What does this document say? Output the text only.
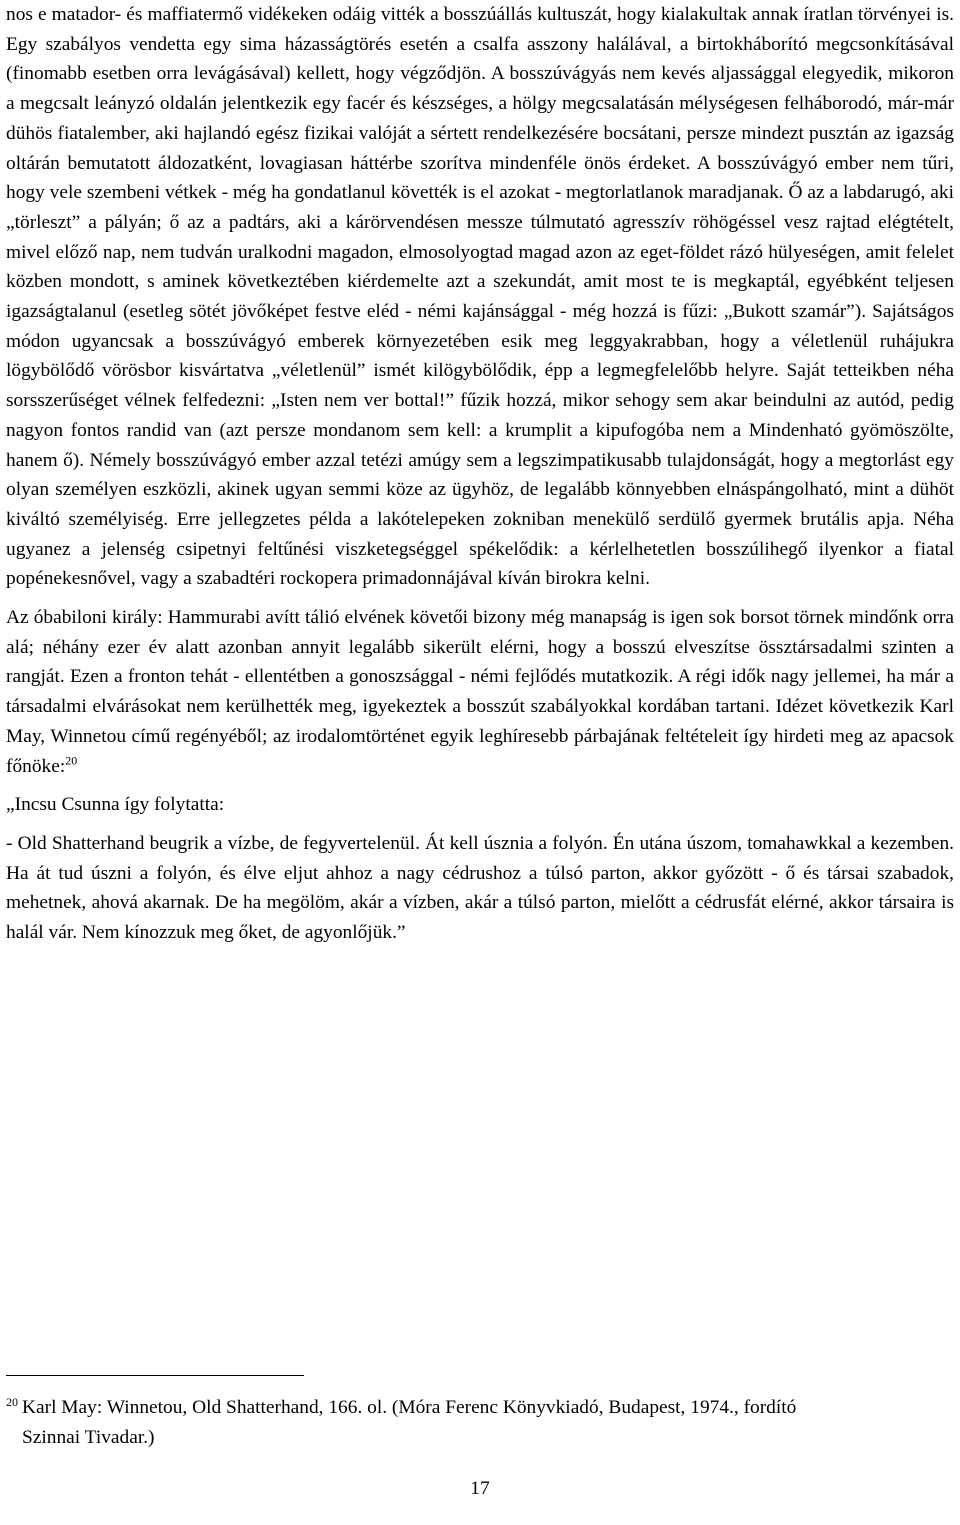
nos e matador- és maffiatermő vidékeken odáig vitték a bosszúállás kultuszát, hogy kialakultak annak íratlan törvényei is. Egy szabályos vendetta egy sima házasságtörés esetén a csalfa asszony halálával, a birtokháborító megcsonkításával (finomabb esetben orra levágásával) kellett, hogy végződjön. A bosszúvágyás nem kevés aljassággal elegyedik, mikoron a megcsalt leányzó oldalán jelentkezik egy facér és készséges, a hölgy megcsalatásán mélységesen felháborodó, már-már dühös fiatalember, aki hajlandó egész fizikai valóját a sértett rendelkezésére bocsátani, persze mindezt pusztán az igazság oltárán bemutatott áldozatként, lovagiasan háttérbe szorítva mindenféle önös érdeket. A bosszúvágyó ember nem tűri, hogy vele szembeni vétkek - még ha gondatlanul követték is el azokat - megtorlatlanok maradjanak. Ő az a labdarugó, aki „törleszt” a pályán; ő az a padtárs, aki a kárörvendésen messze túlmutató agresszív röhögéssel vesz rajtad elégtételt, mivel előző nap, nem tudván uralkodni magadon, elmosolyogtad magad azon az eget-földet rázó hülyeségen, amit felelet közben mondott, s aminek következtében kiérdemelte azt a szekundát, amit most te is megkaptál, egyébként teljesen igazságtalanul (esetleg sötét jövőképet festve eléd - némi kajánsággal - még hozzá is fűzi: „Bukott szamár”). Sajátságos módon ugyancsak a bosszúvágyó emberek környezetében esik meg leggyakrabban, hogy a véletlenül ruhájukra lögybölődő vörösbor kisvártatva „véletlenül” ismét kilögybölődik, épp a legmegfelelőbb helyre. Saját tetteikben néha sorsszerűséget vélnek felfedezni: „Isten nem ver bottal!” fűzik hozzá, mikor sehogy sem akar beindulni az autód, pedig nagyon fontos randid van (azt persze mondanom sem kell: a krumplit a kipufogóba nem a Mindenható gyömöszölte, hanem ő). Némely bosszúvágyó ember azzal tetézi amúgy sem a legszimpatikusabb tulajdonságát, hogy a megtorlást egy olyan személyen eszközli, akinek ugyan semmi köze az ügyhöz, de legalább könnyebben elnáspángolható, mint a dühöt kiváltó személyiség. Erre jellegzetes példa a lakótelepeken zokniban menekülő serdülő gyermek brutális apja. Néha ugyanez a jelenség csipetnyi feltűnési viszketegséggel spékelődik: a kérlelhetetlen bosszúlihegő ilyenkor a fiatal popénekesnővel, vagy a szabadtéri rockopera primadonnájával kíván birokra kelni.

Az óbabiloni király: Hammurabi avítt tálió elvének követői bizony még manapság is igen sok borsot törnek mindőnk orra alá; néhány ezer év alatt azonban annyit legalább sikerült elérni, hogy a bosszú elveszítse össztársadalmi szinten a rangját. Ezen a fronton tehát - ellentétben a gonoszsággal - némi fejlődés mutatkozik. A régi idők nagy jellemei, ha már a társadalmi elvárásokat nem kerülhették meg, igyekeztek a bosszút szabályokkal kordában tartani. Idézet következik Karl May, Winnetou című regényéből; az irodalomtörténet egyik leghíresebb párbajának feltételeit így hirdeti meg az apacsok főnöke:$^{20}$

„Incsu Csunna így folytatta:

- Old Shatterhand beugrik a vízbe, de fegyvertelenül. Át kell úsznia a folyón. Én utána úszom, tomahawkkal a kezemben. Ha át tud úszni a folyón, és élve eljut ahhoz a nagy cédrushoz a túlsó parton, akkor győzött - ő és társai szabadok, mehetnek, ahová akarnak. De ha megölöm, akár a vízben, akár a túlsó parton, mielőtt a cédrusfát elérné, akkor társaira is halál vár. Nem kínozzuk meg őket, de agyonlőjük.”

$^{20}$ Karl May: Winnetou, Old Shatterhand, 166. ol. (Móra Ferenc Könyvkiadó, Budapest, 1974., fordító
Szinnai Tivadar.)
17
